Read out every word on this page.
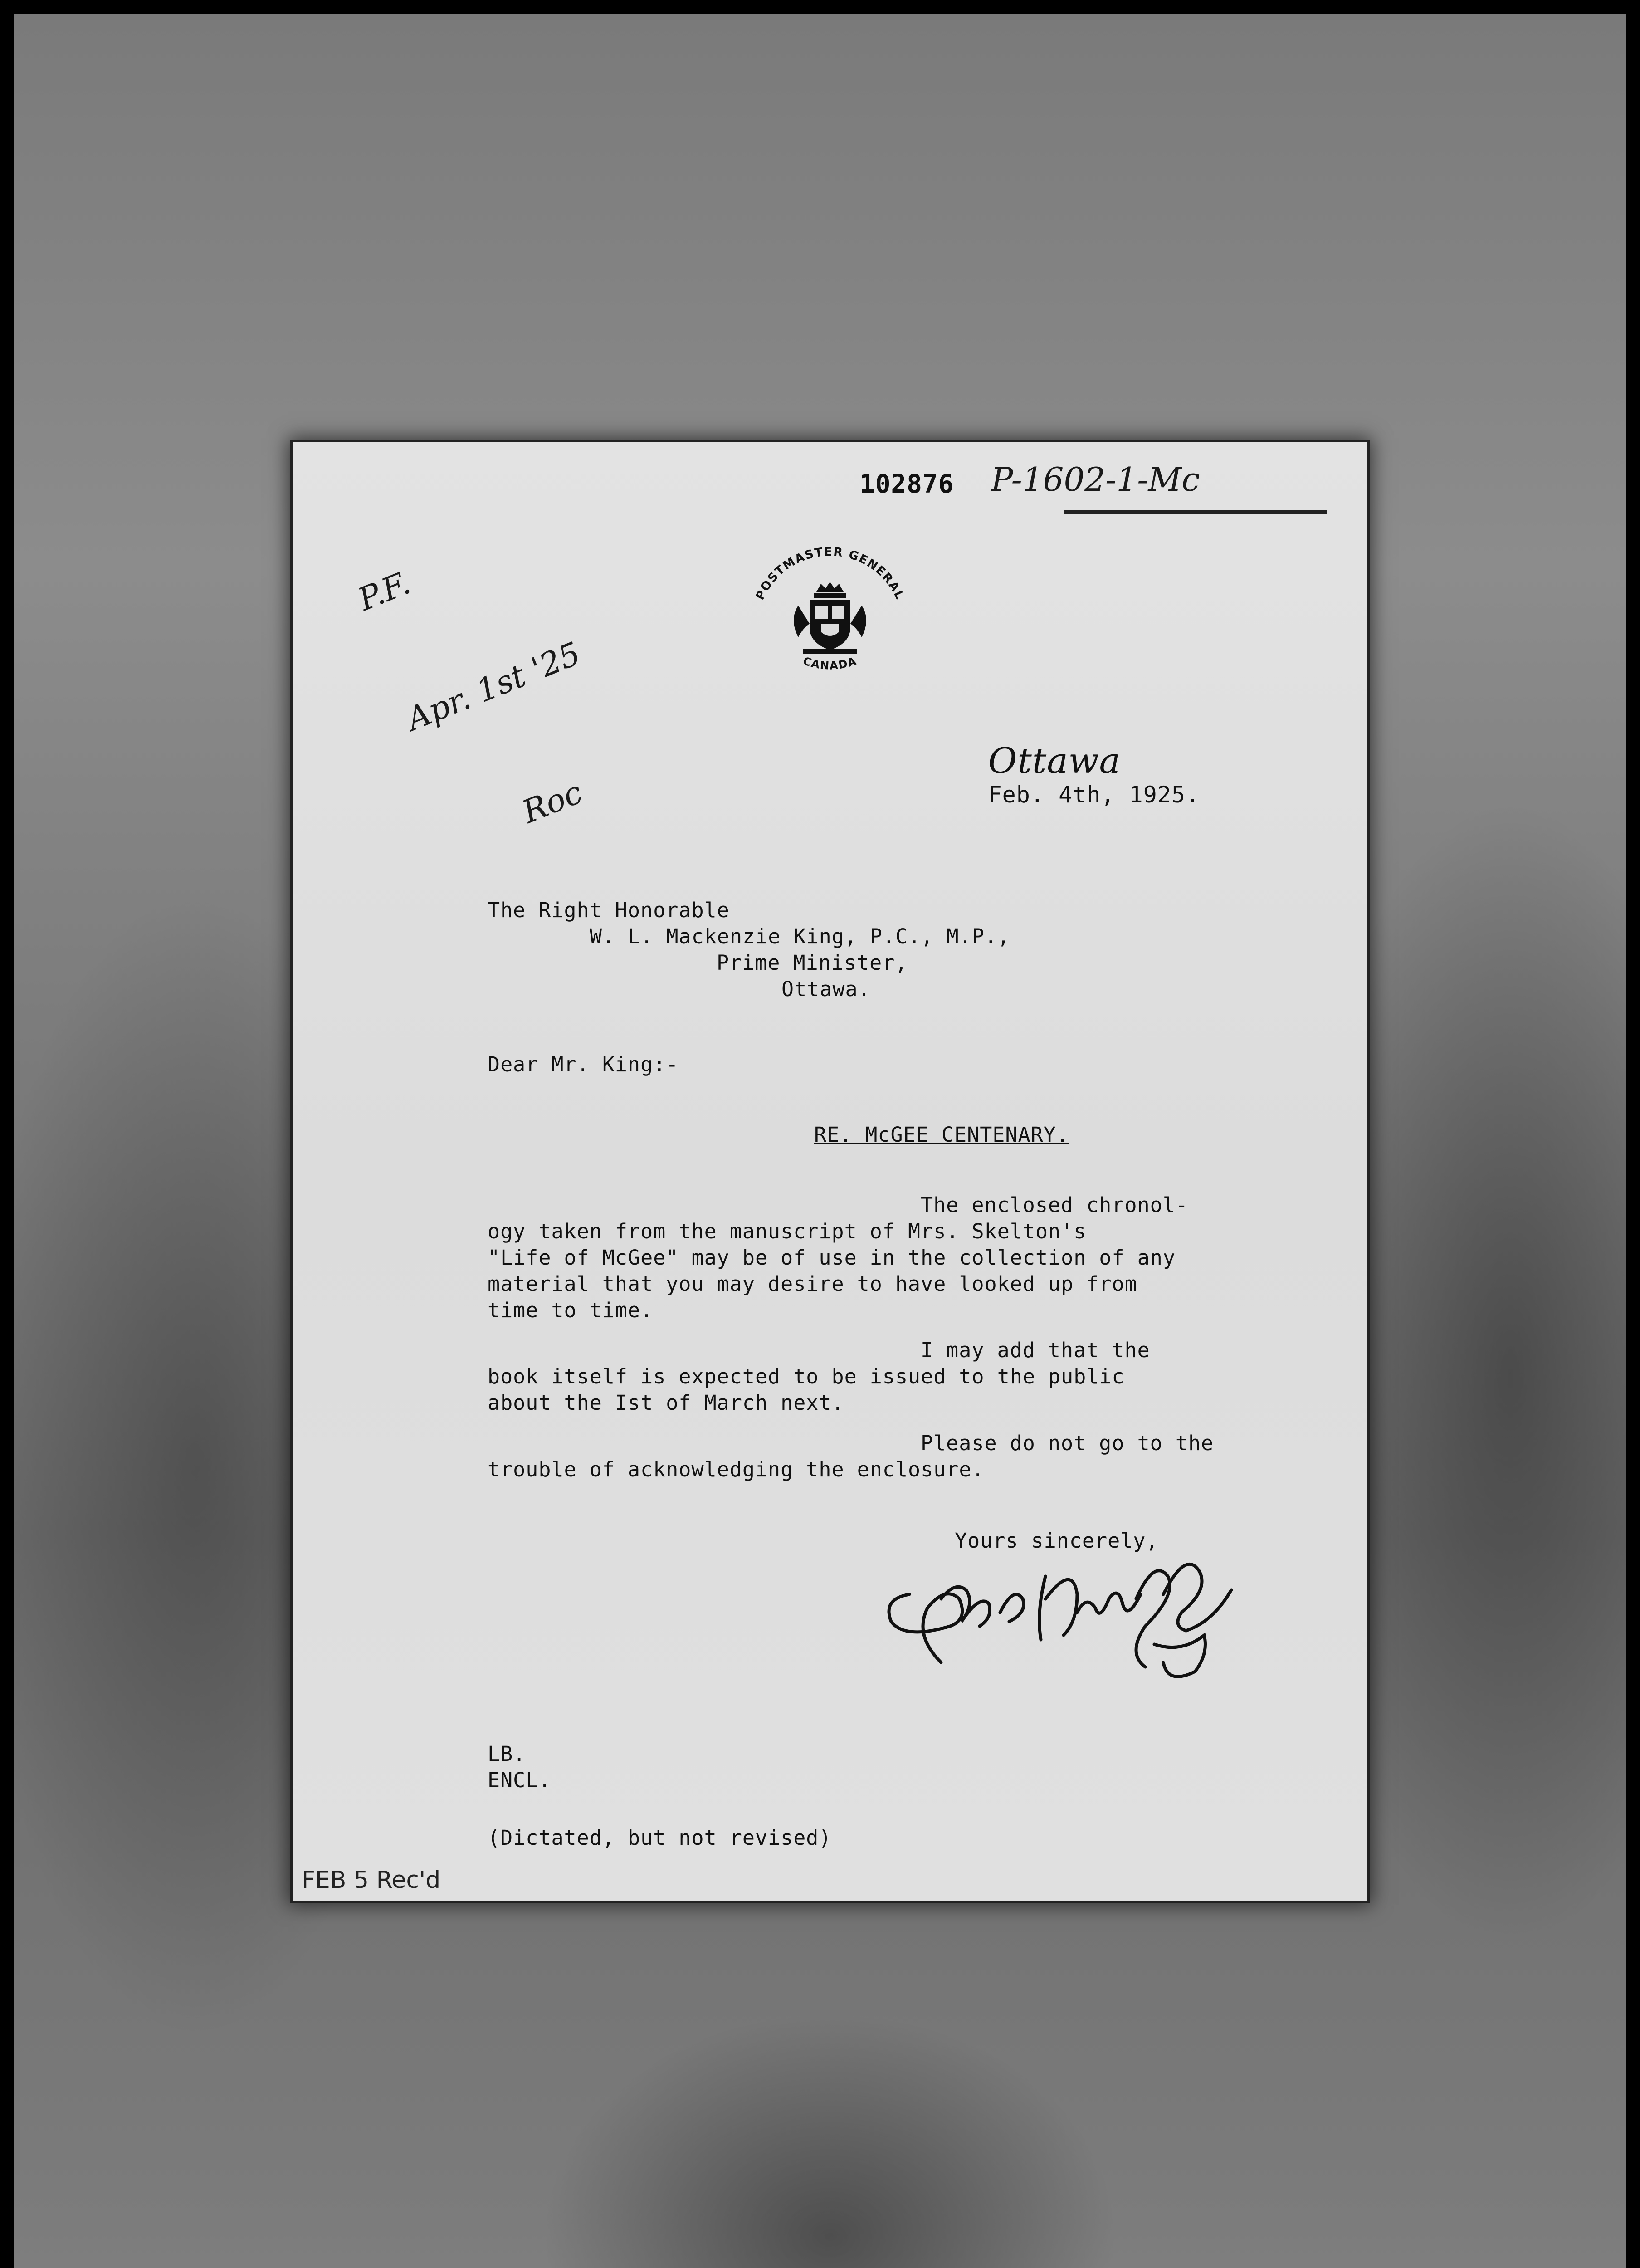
102876 P-1602-1-Mc

P.F.

Apr. 1st '25

Roc

POSTMASTER GENERAL
CANADA

Ottawa
Feb. 4th, 1925.

The Right Honorable
W. L. Mackenzie King, P.C., M.P.,
Prime Minister,
Ottawa.
Dear Mr. King:-
RE. McGEE CENTENARY.
The enclosed chronol-
ogy taken from the manuscript of Mrs. Skelton's
"Life of McGee" may be of use in the collection of any
material that you may desire to have looked up from
time to time.
I may add that the
book itself is expected to be issued to the public
about the Ist of March next.
Please do not go to the
trouble of acknowledging the enclosure.
Yours sincerely,
LB.
ENCL.
(Dictated, but not revised)
FEB 5 Rec'd
